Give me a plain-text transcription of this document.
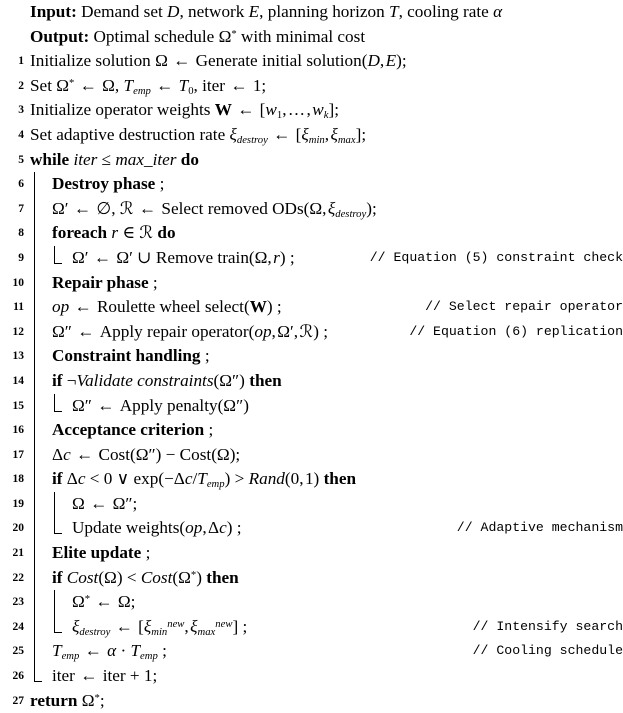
Input: Demand set D, network E, planning horizon T, cooling rate α
Output: Optimal schedule Ω* with minimal cost
1 Initialize solution Ω ← Generate initial solution(D, E);
2 Set Ω* ← Ω, $T_{emp}$ ← $T_0$, iter ← 1;
3 Initialize operator weights W ← [$w_1$, … , $w_k$];
4 Set adaptive destruction rate $\xi_{destroy}$ ← [$\xi_{min}$, $\xi_{max}$];
5 while iter ≤ max_iter do
6	Destroy phase ;
7	Ω′ ← ∅, ℛ ← Select removed ODs(Ω, $\xi_{destroy}$);
8	foreach r ∈ ℛ do
9	Ω′ ← Ω′ ∪ Remove train(Ω, r) ;	// Equation (5) constraint check
10	Repair phase ;
11	op ← Roulette wheel select(W) ;	// Select repair operator
12	Ω″ ← Apply repair operator(op, Ω′, ℛ) ;	// Equation (6) replication
13	Constraint handling ;
14	if ¬Validate constraints(Ω″) then
15	Ω″ ← Apply penalty(Ω″)
16	Acceptance criterion ;
17	Δc ← Cost(Ω″) − Cost(Ω);
18	if Δc < 0 ∨ $\exp(-\Delta c/T_{emp})$ > Rand(0, 1) then
19	Ω ← Ω″;
20	Update weights(op, Δc) ;	// Adaptive mechanism
21	Elite update ;
22	if Cost(Ω) < Cost(Ω*) then
23	Ω* ← Ω;
24	$\xi_{destroy}$ ← [$\xi_{min}^{new}$, $\xi_{max}^{new}$] ;	// Intensify search
25	$T_{emp}$ ← $\alpha \cdot T_{emp}$ ;	// Cooling schedule
26	iter ← iter + 1;
27 return Ω*;
